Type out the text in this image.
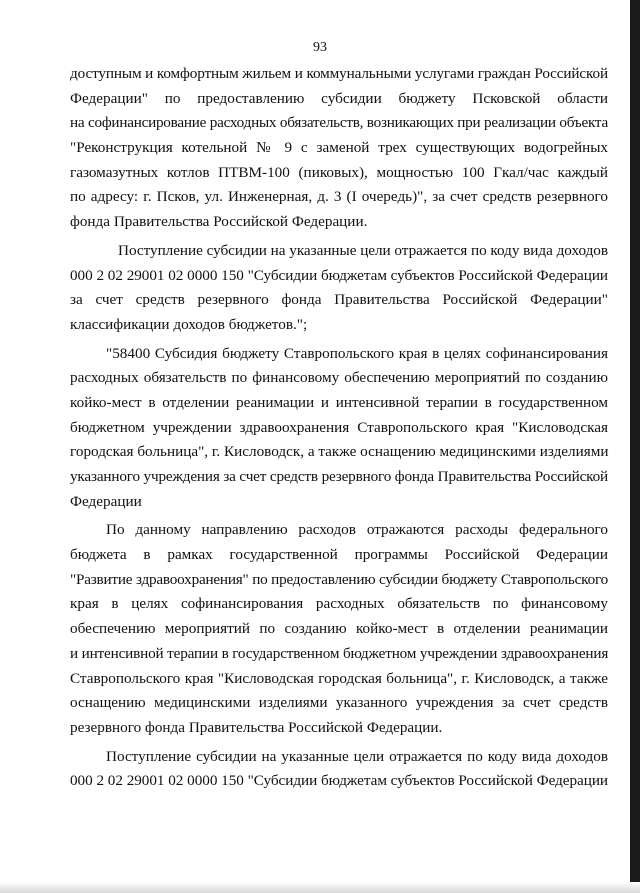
93
доступным и комфортным жильем и коммунальными услугами граждан Российской
Федерации" по предоставлению субсидии бюджету Псковской области
на софинансирование расходных обязательств, возникающих при реализации объекта
"Реконструкция котельной № 9 с заменой трех существующих водогрейных
газомазутных котлов ПТВМ-100 (пиковых), мощностью 100 Гкал/час каждый
по адресу: г. Псков, ул. Инженерная, д. 3 (I очередь)", за счет средств резервного
фонда Правительства Российской Федерации.
Поступление субсидии на указанные цели отражается по коду вида доходов
000 2 02 29001 02 0000 150 "Субсидии бюджетам субъектов Российской Федерации
за счет средств резервного фонда Правительства Российской Федерации"
классификации доходов бюджетов.";
"58400 Субсидия бюджету Ставропольского края в целях софинансирования
расходных обязательств по финансовому обеспечению мероприятий по созданию
койко-мест в отделении реанимации и интенсивной терапии в государственном
бюджетном учреждении здравоохранения Ставропольского края "Кисловодская
городская больница", г. Кисловодск, а также оснащению медицинскими изделиями
указанного учреждения за счет средств резервного фонда Правительства Российской
Федерации
По данному направлению расходов отражаются расходы федерального
бюджета в рамках государственной программы Российской Федерации
"Развитие здравоохранения" по предоставлению субсидии бюджету Ставропольского
края в целях софинансирования расходных обязательств по финансовому
обеспечению мероприятий по созданию койко-мест в отделении реанимации
и интенсивной терапии в государственном бюджетном учреждении здравоохранения
Ставропольского края "Кисловодская городская больница", г. Кисловодск, а также
оснащению медицинскими изделиями указанного учреждения за счет средств
резервного фонда Правительства Российской Федерации.
Поступление субсидии на указанные цели отражается по коду вида доходов
000 2 02 29001 02 0000 150 "Субсидии бюджетам субъектов Российской Федерации
